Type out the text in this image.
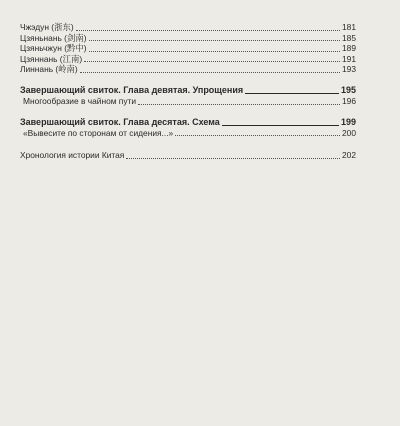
Чжэдун (浙东)	181
Цзяньнань (剑南)	185
Цзяньчжун (黔中)	189
Цзяннань (江南)	191
Линнань (岭南)	193
Завершающий свиток. Глава девятая. Упрощения	195
Многообразие в чайном пути	196
Завершающий свиток. Глава десятая. Схема	199
«Вывесите по сторонам от сидения...»	200
Хронология истории Китая	202
